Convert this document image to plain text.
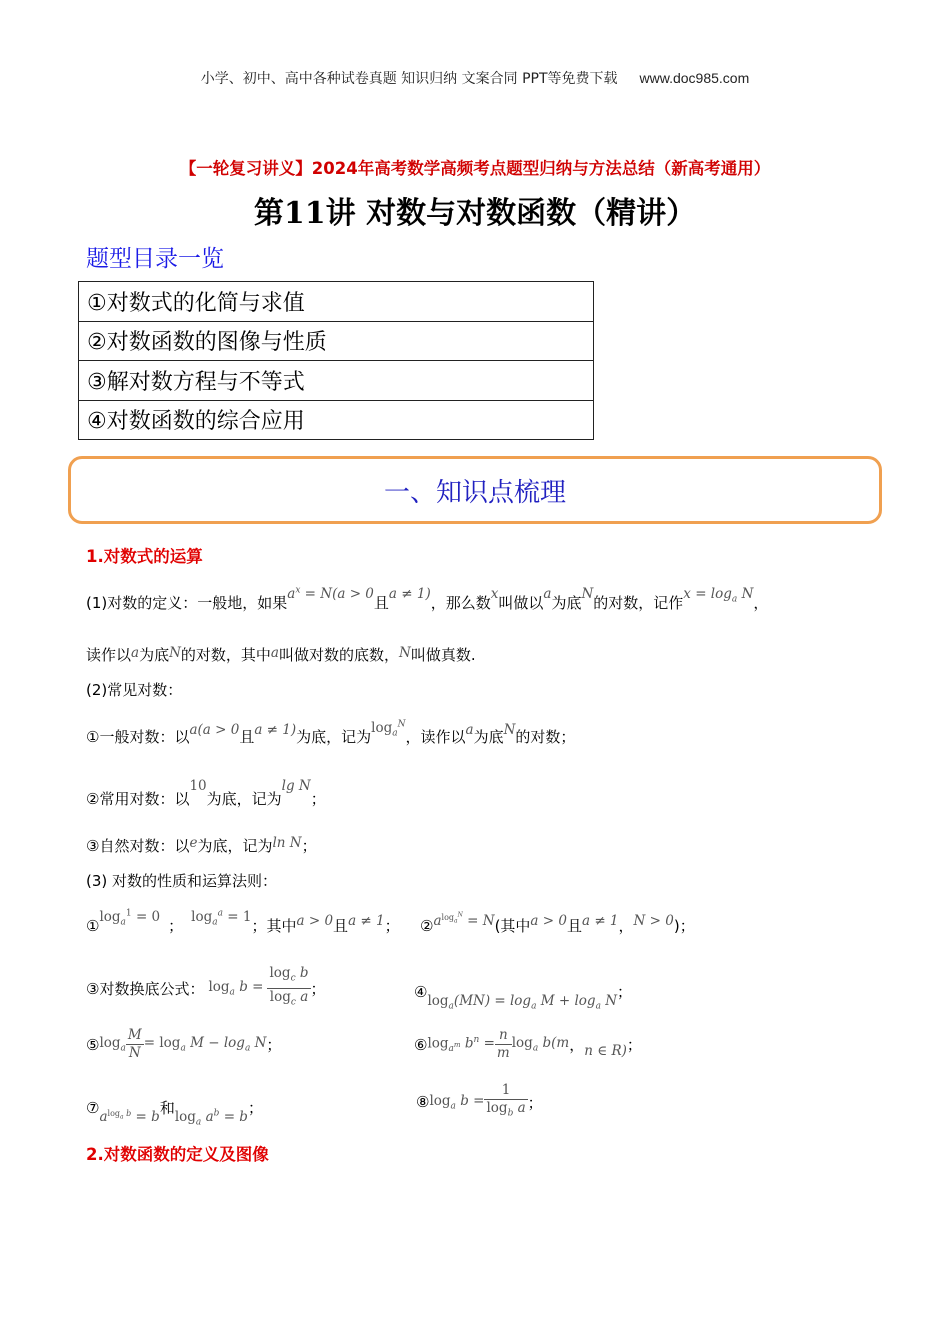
小学、初中、高中各种试卷真题 知识归纳 文案合同 PPT等免费下载 www.doc985.com
【一轮复习讲义】2024年高考数学高频考点题型归纳与方法总结（新高考通用）
第11讲 对数与对数函数（精讲）
题型目录一览
①对数式的化简与求值
②对数函数的图像与性质
③解对数方程与不等式
④对数函数的综合应用
一、知识点梳理
1.对数式的运算
(1)对数的定义：一般地，如果$a^x = N(a > 0$且a ≠ 1)，那么数x叫做以a为底N的对数，记作$x = \log_a N$，
读作以a为底N的对数，其中a叫做对数的底数，N叫做真数.
(2)常见对数：
①一般对数：以a(a > 0且a ≠ 1)为底，记为$\log_a^N$，读作以a为底N的对数；
②常用对数：以10为底，记为lg N；
③自然对数：以e为底，记为ln N；
(3) 对数的性质和运算法则：
$①\log_a^1 = 0$ ； $\log_a^a = 1$；其中a > 0且a ≠ 1； $②a^{log_a^N} = N$(其中a > 0且a ≠ 1，N > 0)；
③对数换底公式： $\log_a b = \frac{\log_c b}{\log_c a}$ ；	$④\log_a(MN) = \log_a M + \log_a N$；
⑤ $\log_a \frac{M}{N} = \log_a M - \log_a N$ ；	⑥ $\log_{a^m} b^n = \frac{n}{m} \log_a b(m$ ， n ∈ R) ；
$⑦a^{log_a b} = b$和$\log_a a^b = b$；	⑧ $\log_a b = \frac{1}{\log_b a}$ ；
2.对数函数的定义及图像
